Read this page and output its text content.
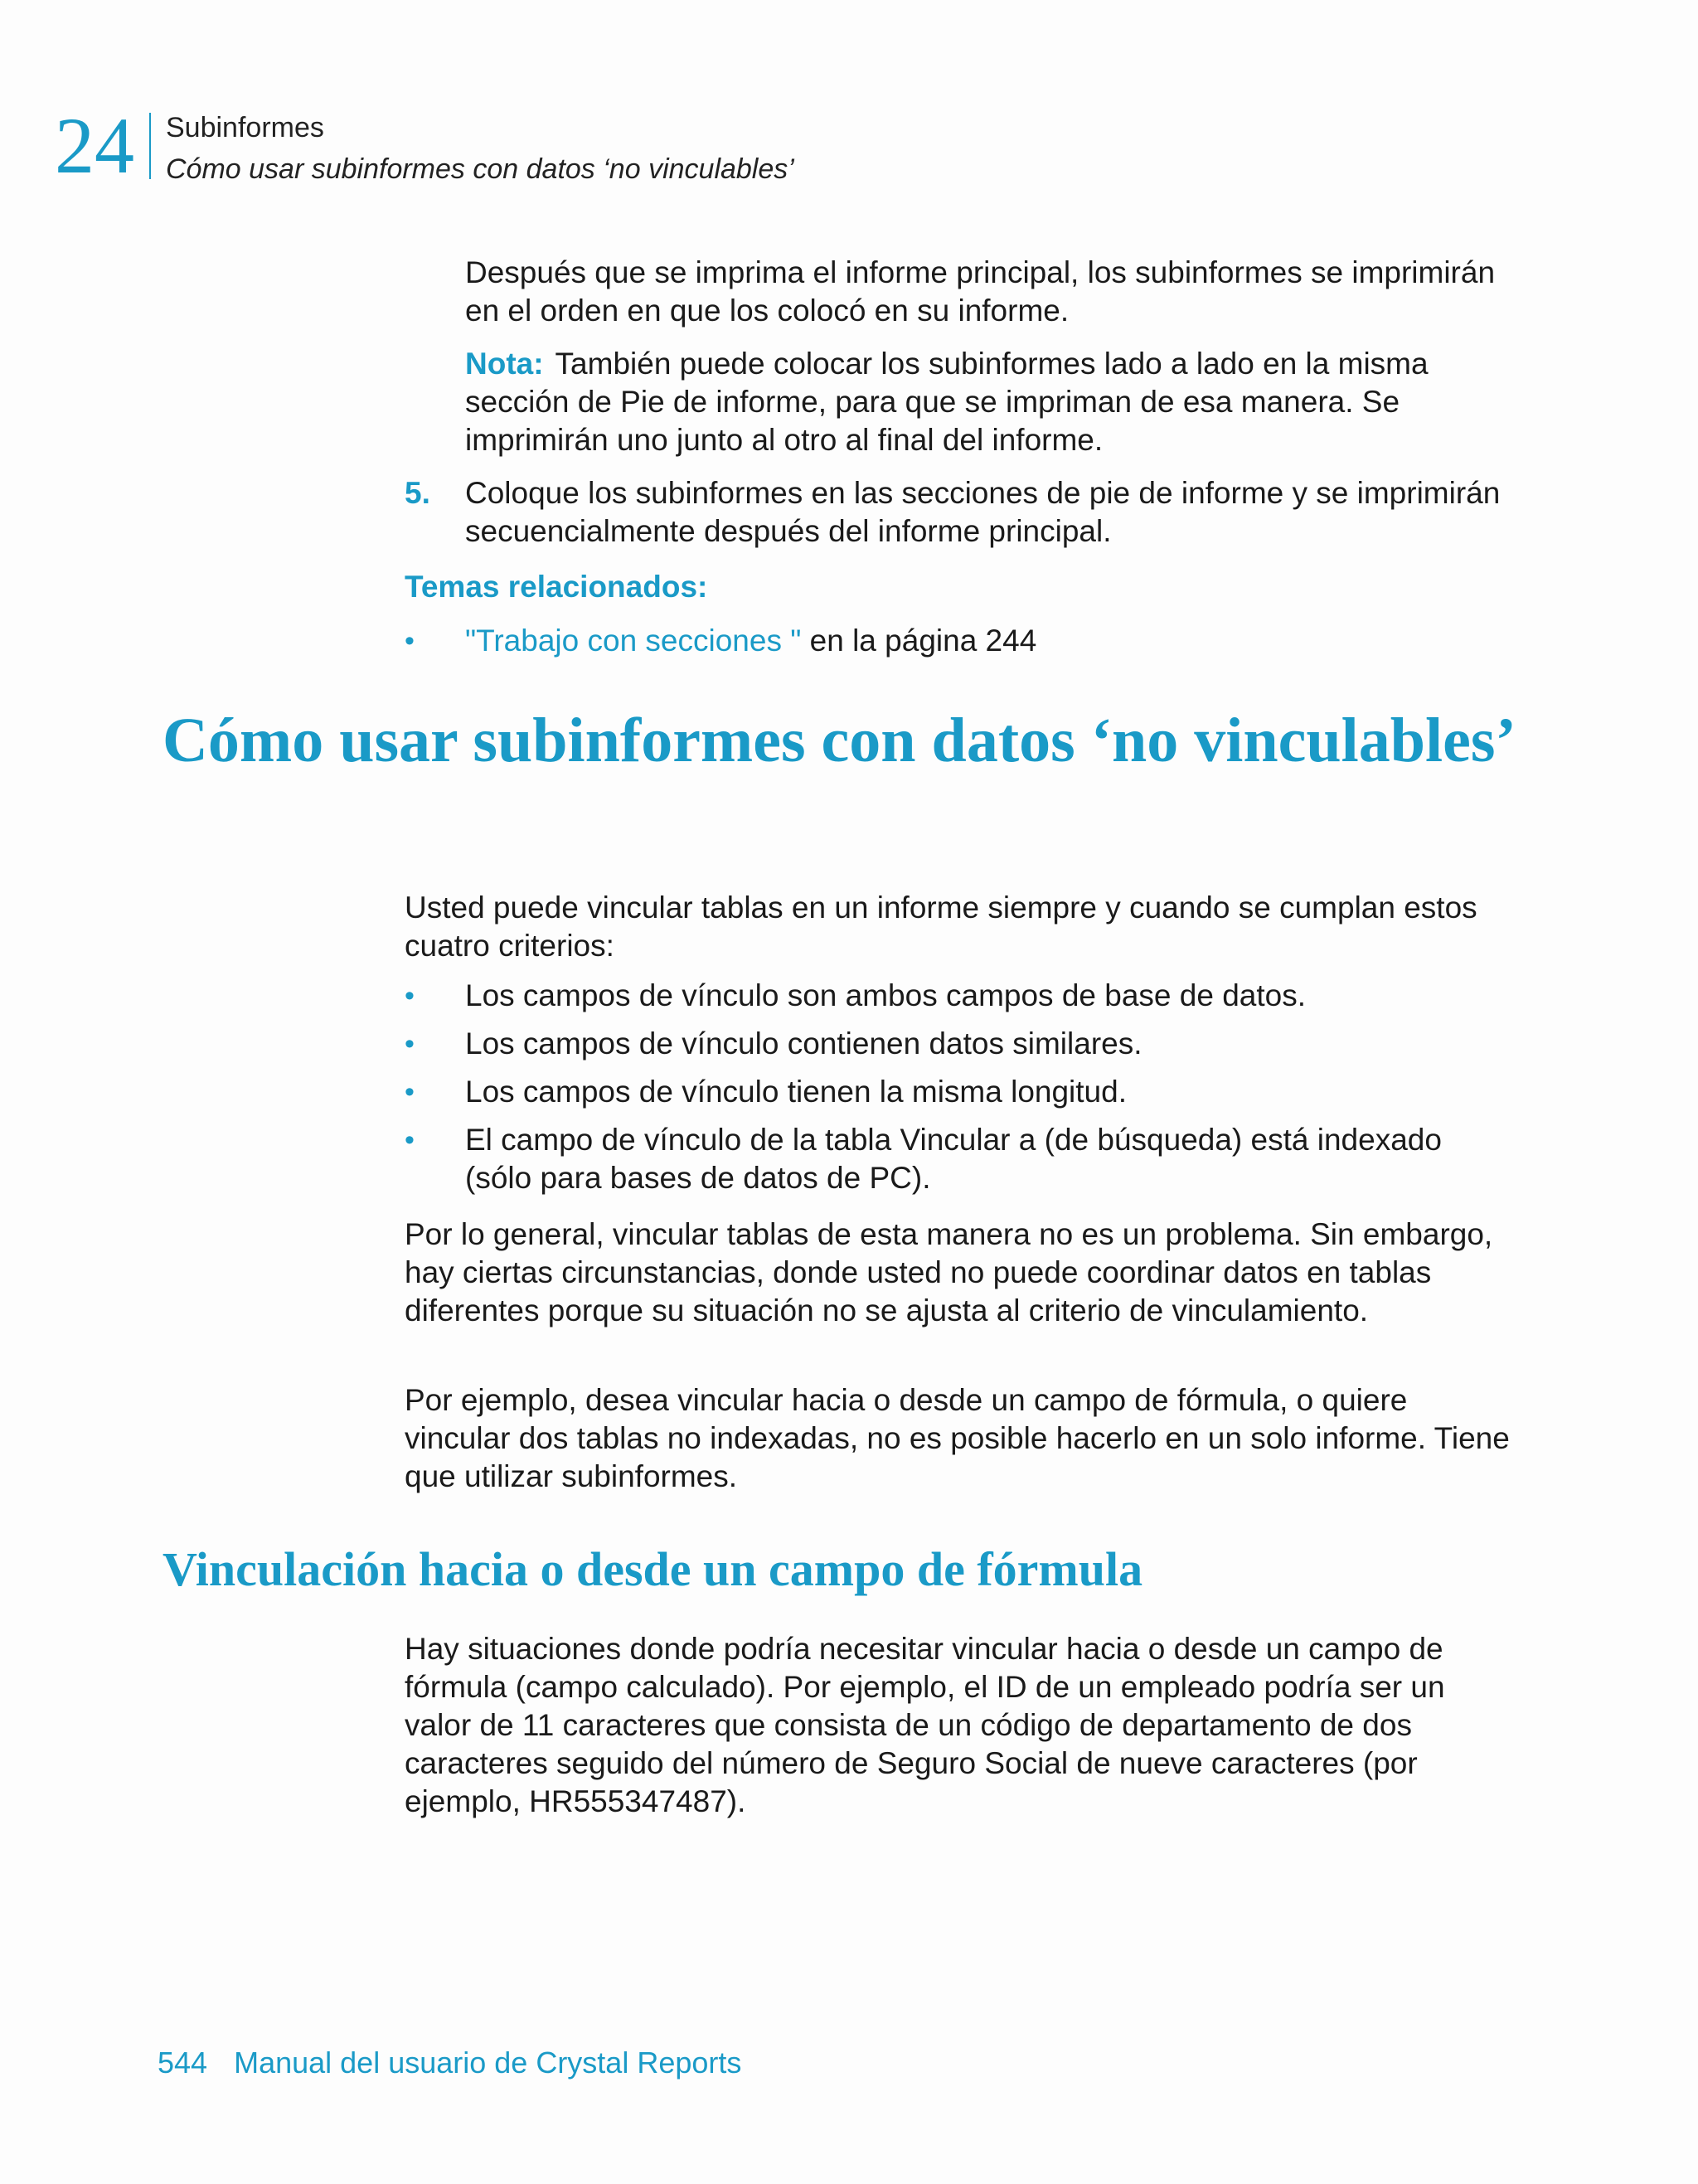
24 Subinformes
Cómo usar subinformes con datos ‘no vinculables’
Después que se imprima el informe principal, los subinformes se imprimirán en el orden en que los colocó en su informe.
Nota: También puede colocar los subinformes lado a lado en la misma sección de Pie de informe, para que se impriman de esa manera. Se imprimirán uno junto al otro al final del informe.
5. Coloque los subinformes en las secciones de pie de informe y se imprimirán secuencialmente después del informe principal.
Temas relacionados:
• "Trabajo con secciones " en la página 244
Cómo usar subinformes con datos ‘no vinculables’
Usted puede vincular tablas en un informe siempre y cuando se cumplan estos cuatro criterios:
• Los campos de vínculo son ambos campos de base de datos.
• Los campos de vínculo contienen datos similares.
• Los campos de vínculo tienen la misma longitud.
• El campo de vínculo de la tabla Vincular a (de búsqueda) está indexado (sólo para bases de datos de PC).
Por lo general, vincular tablas de esta manera no es un problema. Sin embargo, hay ciertas circunstancias, donde usted no puede coordinar datos en tablas diferentes porque su situación no se ajusta al criterio de vinculamiento.
Por ejemplo, desea vincular hacia o desde un campo de fórmula, o quiere vincular dos tablas no indexadas, no es posible hacerlo en un solo informe. Tiene que utilizar subinformes.
Vinculación hacia o desde un campo de fórmula
Hay situaciones donde podría necesitar vincular hacia o desde un campo de fórmula (campo calculado). Por ejemplo, el ID de un empleado podría ser un valor de 11 caracteres que consista de un código de departamento de dos caracteres seguido del número de Seguro Social de nueve caracteres (por ejemplo, HR555347487).
544 Manual del usuario de Crystal Reports
